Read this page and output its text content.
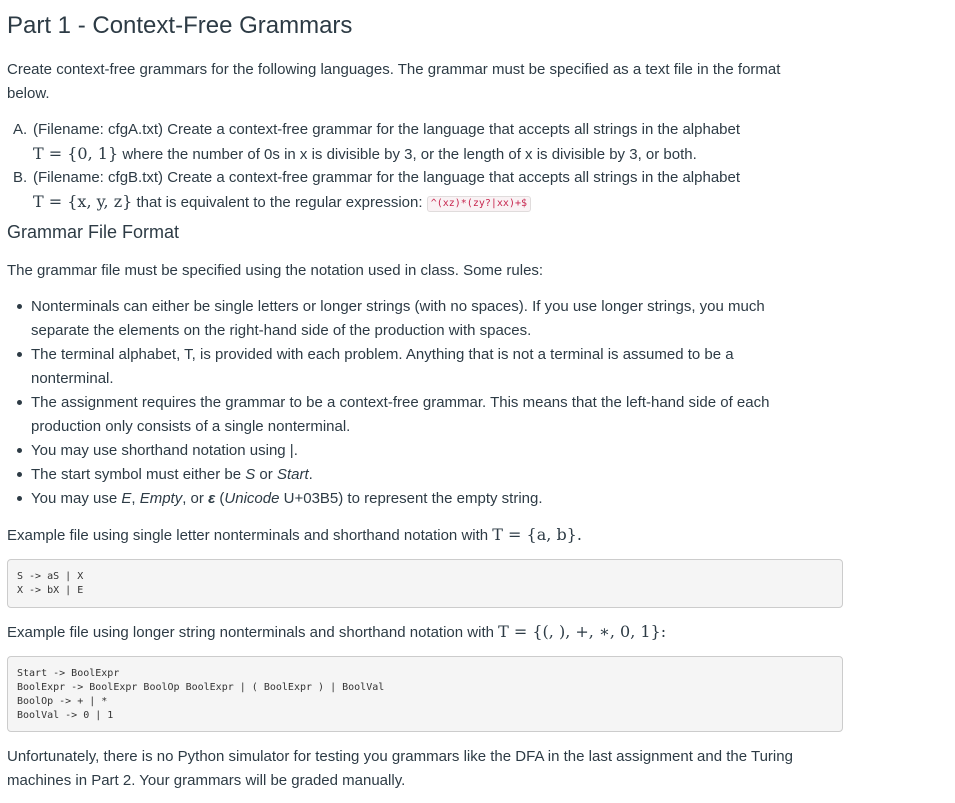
Part 1 - Context-Free Grammars
Create context-free grammars for the following languages. The grammar must be specified as a text file in the format
below.
A. (Filename: cfgA.txt) Create a context-free grammar for the language that accepts all strings in the alphabet
T = {0, 1} where the number of 0s in x is divisible by 3, or the length of x is divisible by 3, or both.
B. (Filename: cfgB.txt) Create a context-free grammar for the language that accepts all strings in the alphabet
T = {x, y, z} that is equivalent to the regular expression: ^(xz)*(zy?|xx)+$
Grammar File Format
The grammar file must be specified using the notation used in class. Some rules:
Nonterminals can either be single letters or longer strings (with no spaces). If you use longer strings, you much
separate the elements on the right-hand side of the production with spaces.
The terminal alphabet, T, is provided with each problem. Anything that is not a terminal is assumed to be a
nonterminal.
The assignment requires the grammar to be a context-free grammar. This means that the left-hand side of each
production only consists of a single nonterminal.
You may use shorthand notation using |.
The start symbol must either be S or Start.
You may use E, Empty, or ε (Unicode U+03B5) to represent the empty string.
Example file using single letter nonterminals and shorthand notation with T = {a, b}.
S -> aS | X
X -> bX | E
Example file using longer string nonterminals and shorthand notation with T = {(, ), +, ∗, 0, 1}:
Start -> BoolExpr
BoolExpr -> BoolExpr BoolOp BoolExpr | ( BoolExpr ) | BoolVal
BoolOp -> + | *
BoolVal -> 0 | 1
Unfortunately, there is no Python simulator for testing you grammars like the DFA in the last assignment and the Turing
machines in Part 2. Your grammars will be graded manually.
